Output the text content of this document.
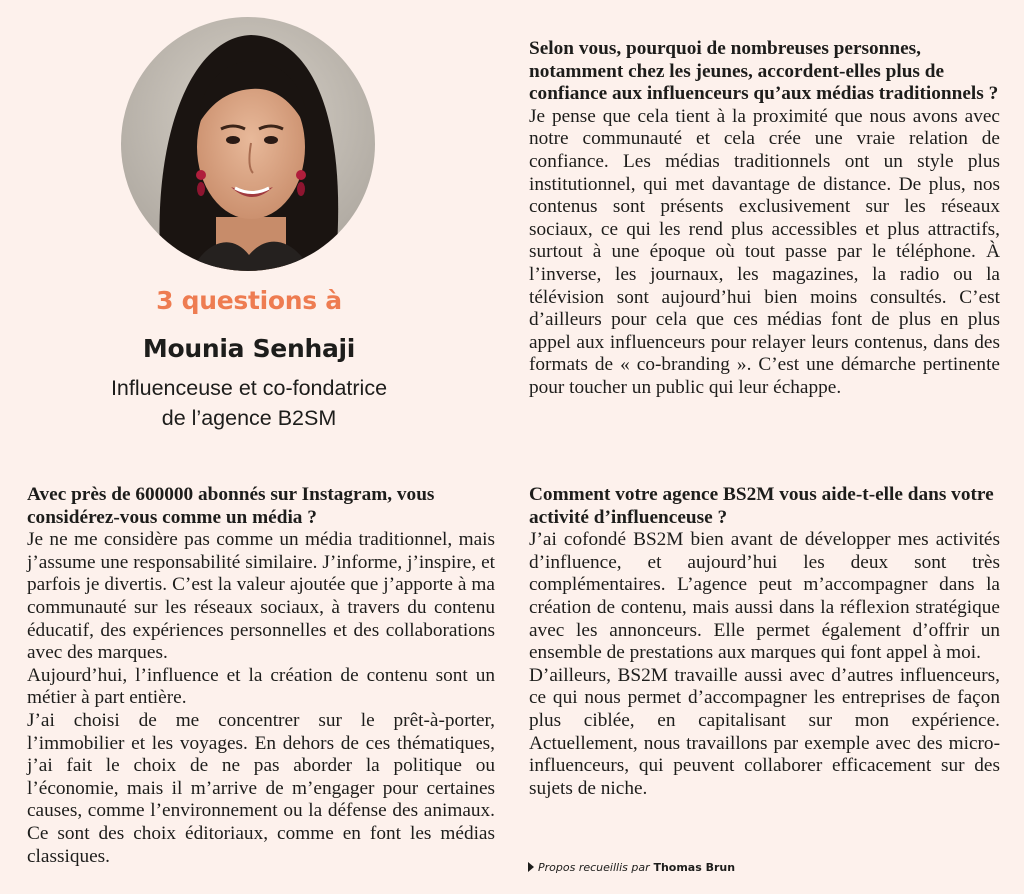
3 questions à
Mounia Senhaji
Influenceuse et co-fondatrice
de l’agence B2SM

Avec près de 600000 abonnés sur Instagram, vous considérez-vous comme un média ?

Je ne me considère pas comme un média traditionnel, mais j’assume une responsabilité similaire. J’informe, j’inspire, et parfois je divertis. C’est la valeur ajoutée que j’apporte à ma communauté sur les réseaux sociaux, à travers du contenu éducatif, des expériences personnelles et des collaborations avec des marques.

Aujourd’hui, l’influence et la création de contenu sont un métier à part entière.

J’ai choisi de me concentrer sur le prêt-à-porter, l’immobilier et les voyages. En dehors de ces thématiques, j’ai fait le choix de ne pas aborder la politique ou l’économie, mais il m’arrive de m’engager pour certaines causes, comme l’environnement ou la défense des animaux. Ce sont des choix éditoriaux, comme en font les médias classiques.

Selon vous, pourquoi de nombreuses personnes, notamment chez les jeunes, accordent-elles plus de confiance aux influenceurs qu’aux médias traditionnels ?

Je pense que cela tient à la proximité que nous avons avec notre communauté et cela crée une vraie relation de confiance. Les médias traditionnels ont un style plus institutionnel, qui met davantage de distance. De plus, nos contenus sont présents exclusivement sur les réseaux sociaux, ce qui les rend plus accessibles et plus attractifs, surtout à une époque où tout passe par le téléphone. À l’inverse, les journaux, les magazines, la radio ou la télévision sont aujourd’hui bien moins consultés. C’est d’ailleurs pour cela que ces médias font de plus en plus appel aux influenceurs pour relayer leurs contenus, dans des formats de « co-branding ». C’est une démarche pertinente pour toucher un public qui leur échappe.

Comment votre agence BS2M vous aide-t-elle dans votre activité d’influenceuse ?

J’ai cofondé BS2M bien avant de développer mes activités d’influence, et aujourd’hui les deux sont très complémentaires. L’agence peut m’accompagner dans la création de contenu, mais aussi dans la réflexion stratégique avec les annonceurs. Elle permet également d’offrir un ensemble de prestations aux marques qui font appel à moi.

D’ailleurs, BS2M travaille aussi avec d’autres influenceurs, ce qui nous permet d’accompagner les entreprises de façon plus ciblée, en capitalisant sur mon expérience. Actuellement, nous travaillons par exemple avec des micro-influenceurs, qui peuvent collaborer efficacement sur des sujets de niche.

Propos recueillis par Thomas Brun
